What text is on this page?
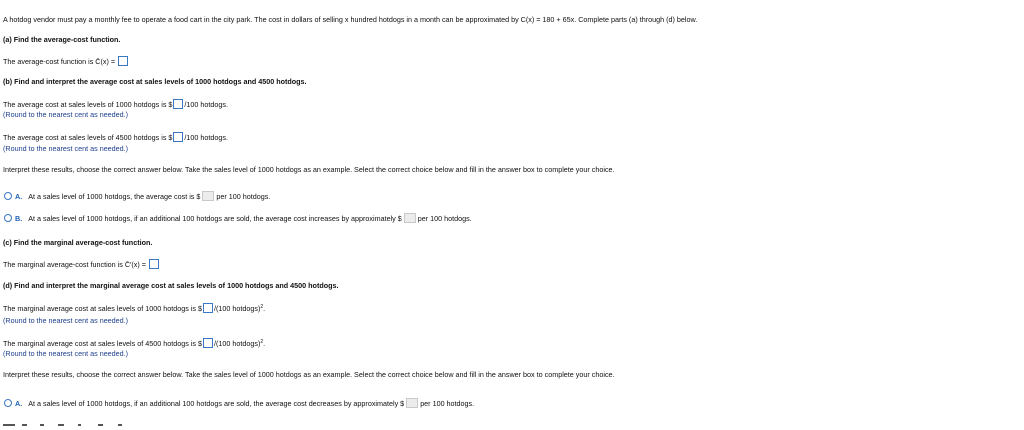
A hotdog vendor must pay a monthly fee to operate a food cart in the city park. The cost in dollars of selling x hundred hotdogs in a month can be approximated by C(x) = 180 + 65x. Complete parts (a) through (d) below.
(a) Find the average-cost function.
The average-cost function is C̄(x) =
(b) Find and interpret the average cost at sales levels of 1000 hotdogs and 4500 hotdogs.
The average cost at sales levels of 1000 hotdogs is $ /100 hotdogs.
(Round to the nearest cent as needed.)
The average cost at sales levels of 4500 hotdogs is $ /100 hotdogs.
(Round to the nearest cent as needed.)
Interpret these results, choose the correct answer below. Take the sales level of 1000 hotdogs as an example. Select the correct choice below and fill in the answer box to complete your choice.
A. At a sales level of 1000 hotdogs, the average cost is $ per 100 hotdogs.
B. At a sales level of 1000 hotdogs, if an additional 100 hotdogs are sold, the average cost increases by approximately $ per 100 hotdogs.
(c) Find the marginal average-cost function.
The marginal average-cost function is C̄′(x) =
(d) Find and interpret the marginal average cost at sales levels of 1000 hotdogs and 4500 hotdogs.
The marginal average cost at sales levels of 1000 hotdogs is $ /(100 hotdogs)$^2$.
(Round to the nearest cent as needed.)
The marginal average cost at sales levels of 4500 hotdogs is $ /(100 hotdogs)$^2$.
(Round to the nearest cent as needed.)
Interpret these results, choose the correct answer below. Take the sales level of 1000 hotdogs as an example. Select the correct choice below and fill in the answer box to complete your choice.
A. At a sales level of 1000 hotdogs, if an additional 100 hotdogs are sold, the average cost decreases by approximately $ per 100 hotdogs.
